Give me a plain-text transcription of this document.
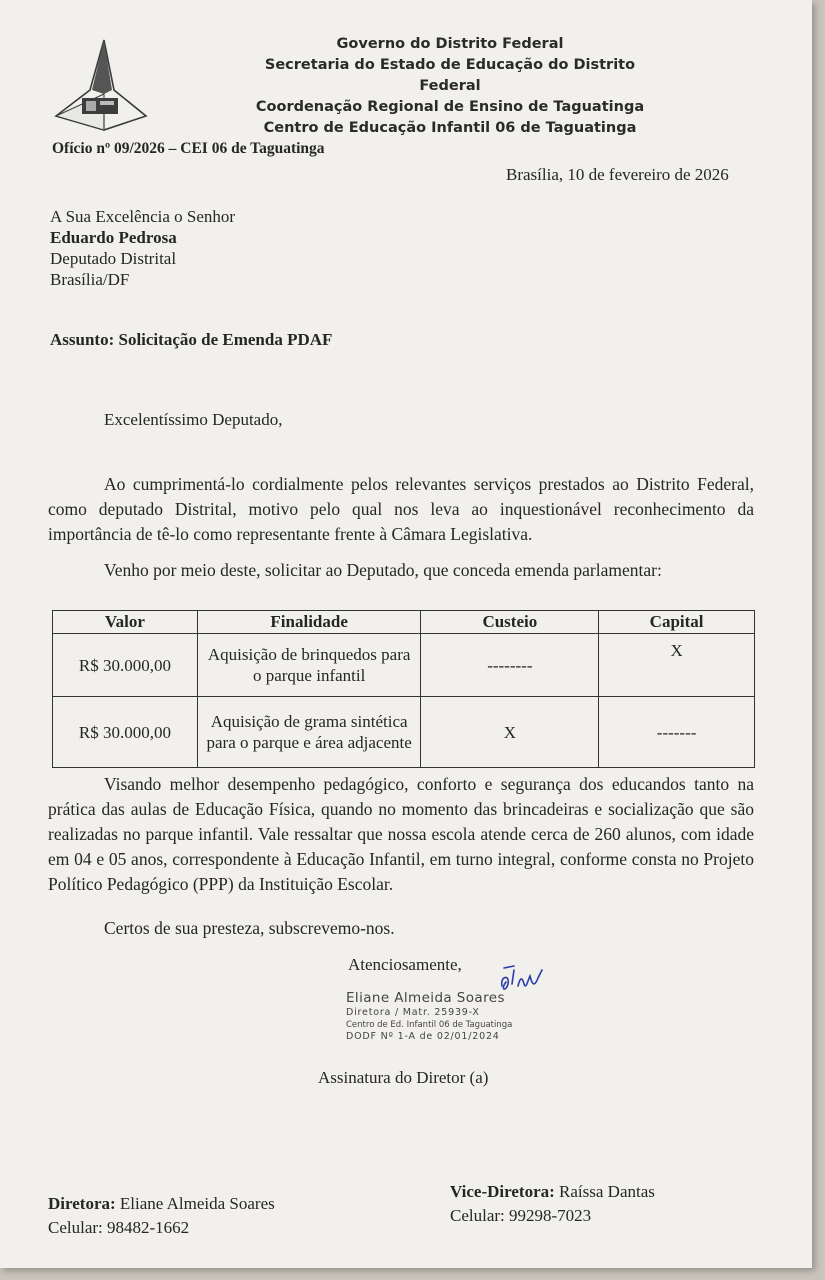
Governo do Distrito Federal
Secretaria do Estado de Educação do Distrito Federal
Coordenação Regional de Ensino de Taguatinga
Centro de Educação Infantil 06 de Taguatinga
Ofício nº 09/2026 – CEI 06 de Taguatinga
Brasília, 10 de fevereiro de 2026
A Sua Excelência o Senhor
Eduardo Pedrosa
Deputado Distrital
Brasília/DF
Assunto: Solicitação de Emenda PDAF
Excelentíssimo Deputado,
Ao cumprimentá-lo cordialmente pelos relevantes serviços prestados ao Distrito Federal, como deputado Distrital, motivo pelo qual nos leva ao inquestionável reconhecimento da importância de tê-lo como representante frente à Câmara Legislativa.
Venho por meio deste, solicitar ao Deputado, que conceda emenda parlamentar:
Valor	Finalidade	Custeio	Capital
R$ 30.000,00	Aquisição de brinquedos para o parque infantil	--------	X
R$ 30.000,00	Aquisição de grama sintética para o parque e área adjacente	X	-------
Visando melhor desempenho pedagógico, conforto e segurança dos educandos tanto na prática das aulas de Educação Física, quando no momento das brincadeiras e socialização que são realizadas no parque infantil. Vale ressaltar que nossa escola atende cerca de 260 alunos, com idade em 04 e 05 anos, correspondente à Educação Infantil, em turno integral, conforme consta no Projeto Político Pedagógico (PPP) da Instituição Escolar.
Certos de sua presteza, subscrevemo-nos.
Atenciosamente,
Eliane Almeida Soares
Diretora / Matr. 25939-X
Centro de Ed. Infantil 06 de Taguatinga
DODF Nº 1-A de 02/01/2024
Assinatura do Diretor (a)
Diretora: Eliane Almeida Soares
Celular: 98482-1662
Vice-Diretora: Raíssa Dantas
Celular: 99298-7023
